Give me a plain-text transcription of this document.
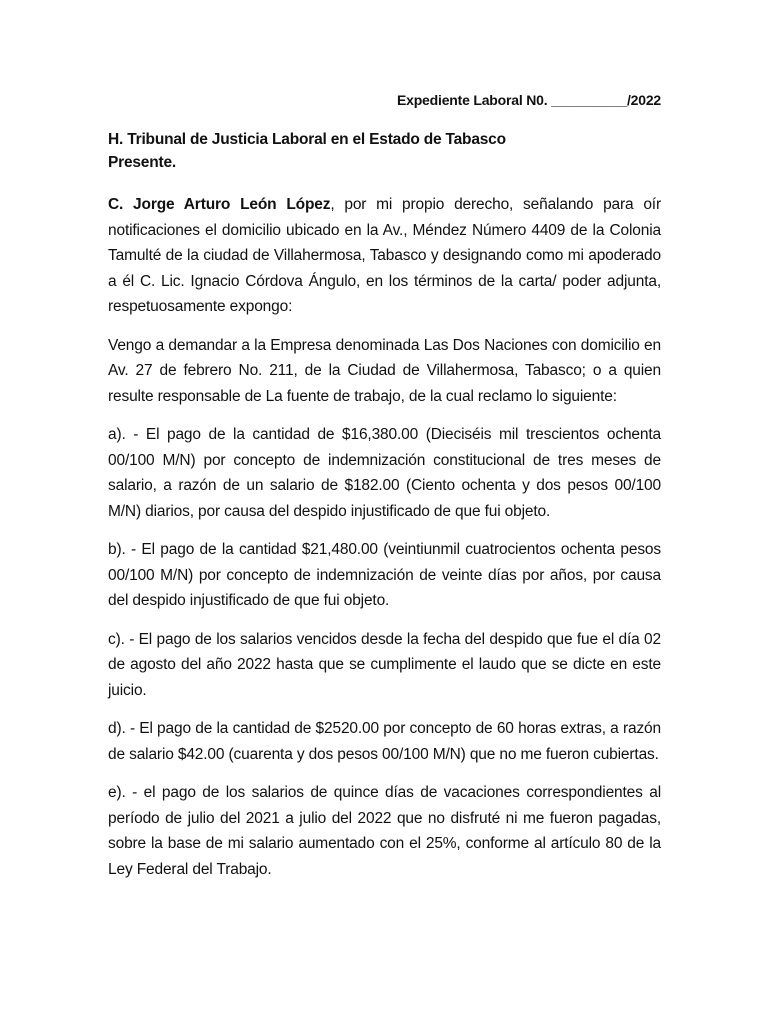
Expediente Laboral N0. __________/2022
H. Tribunal de Justicia Laboral en el Estado de Tabasco
Presente.

C. Jorge Arturo León López, por mi propio derecho, señalando para oír notificaciones el domicilio ubicado en la Av., Méndez Número 4409 de la Colonia Tamulté de la ciudad de Villahermosa, Tabasco y designando como mi apoderado a él C. Lic. Ignacio Córdova Ángulo, en los términos de la carta/ poder adjunta, respetuosamente expongo:

Vengo a demandar a la Empresa denominada Las Dos Naciones con domicilio en Av. 27 de febrero No. 211, de la Ciudad de Villahermosa, Tabasco; o a quien resulte responsable de La fuente de trabajo, de la cual reclamo lo siguiente:

a). - El pago de la cantidad de $16,380.00 (Dieciséis mil trescientos ochenta 00/100 M/N) por concepto de indemnización constitucional de tres meses de salario, a razón de un salario de $182.00 (Ciento ochenta y dos pesos 00/100 M/N) diarios, por causa del despido injustificado de que fui objeto.

b). - El pago de la cantidad $21,480.00 (veintiunmil cuatrocientos ochenta pesos 00/100 M/N) por concepto de indemnización de veinte días por años, por causa del despido injustificado de que fui objeto.

c). - El pago de los salarios vencidos desde la fecha del despido que fue el día 02 de agosto del año 2022 hasta que se cumplimente el laudo que se dicte en este juicio.

d). - El pago de la cantidad de $2520.00 por concepto de 60 horas extras, a razón de salario $42.00 (cuarenta y dos pesos 00/100 M/N) que no me fueron cubiertas.

e). - el pago de los salarios de quince días de vacaciones correspondientes al período de julio del 2021 a julio del 2022 que no disfruté ni me fueron pagadas, sobre la base de mi salario aumentado con el 25%, conforme al artículo 80 de la Ley Federal del Trabajo.
